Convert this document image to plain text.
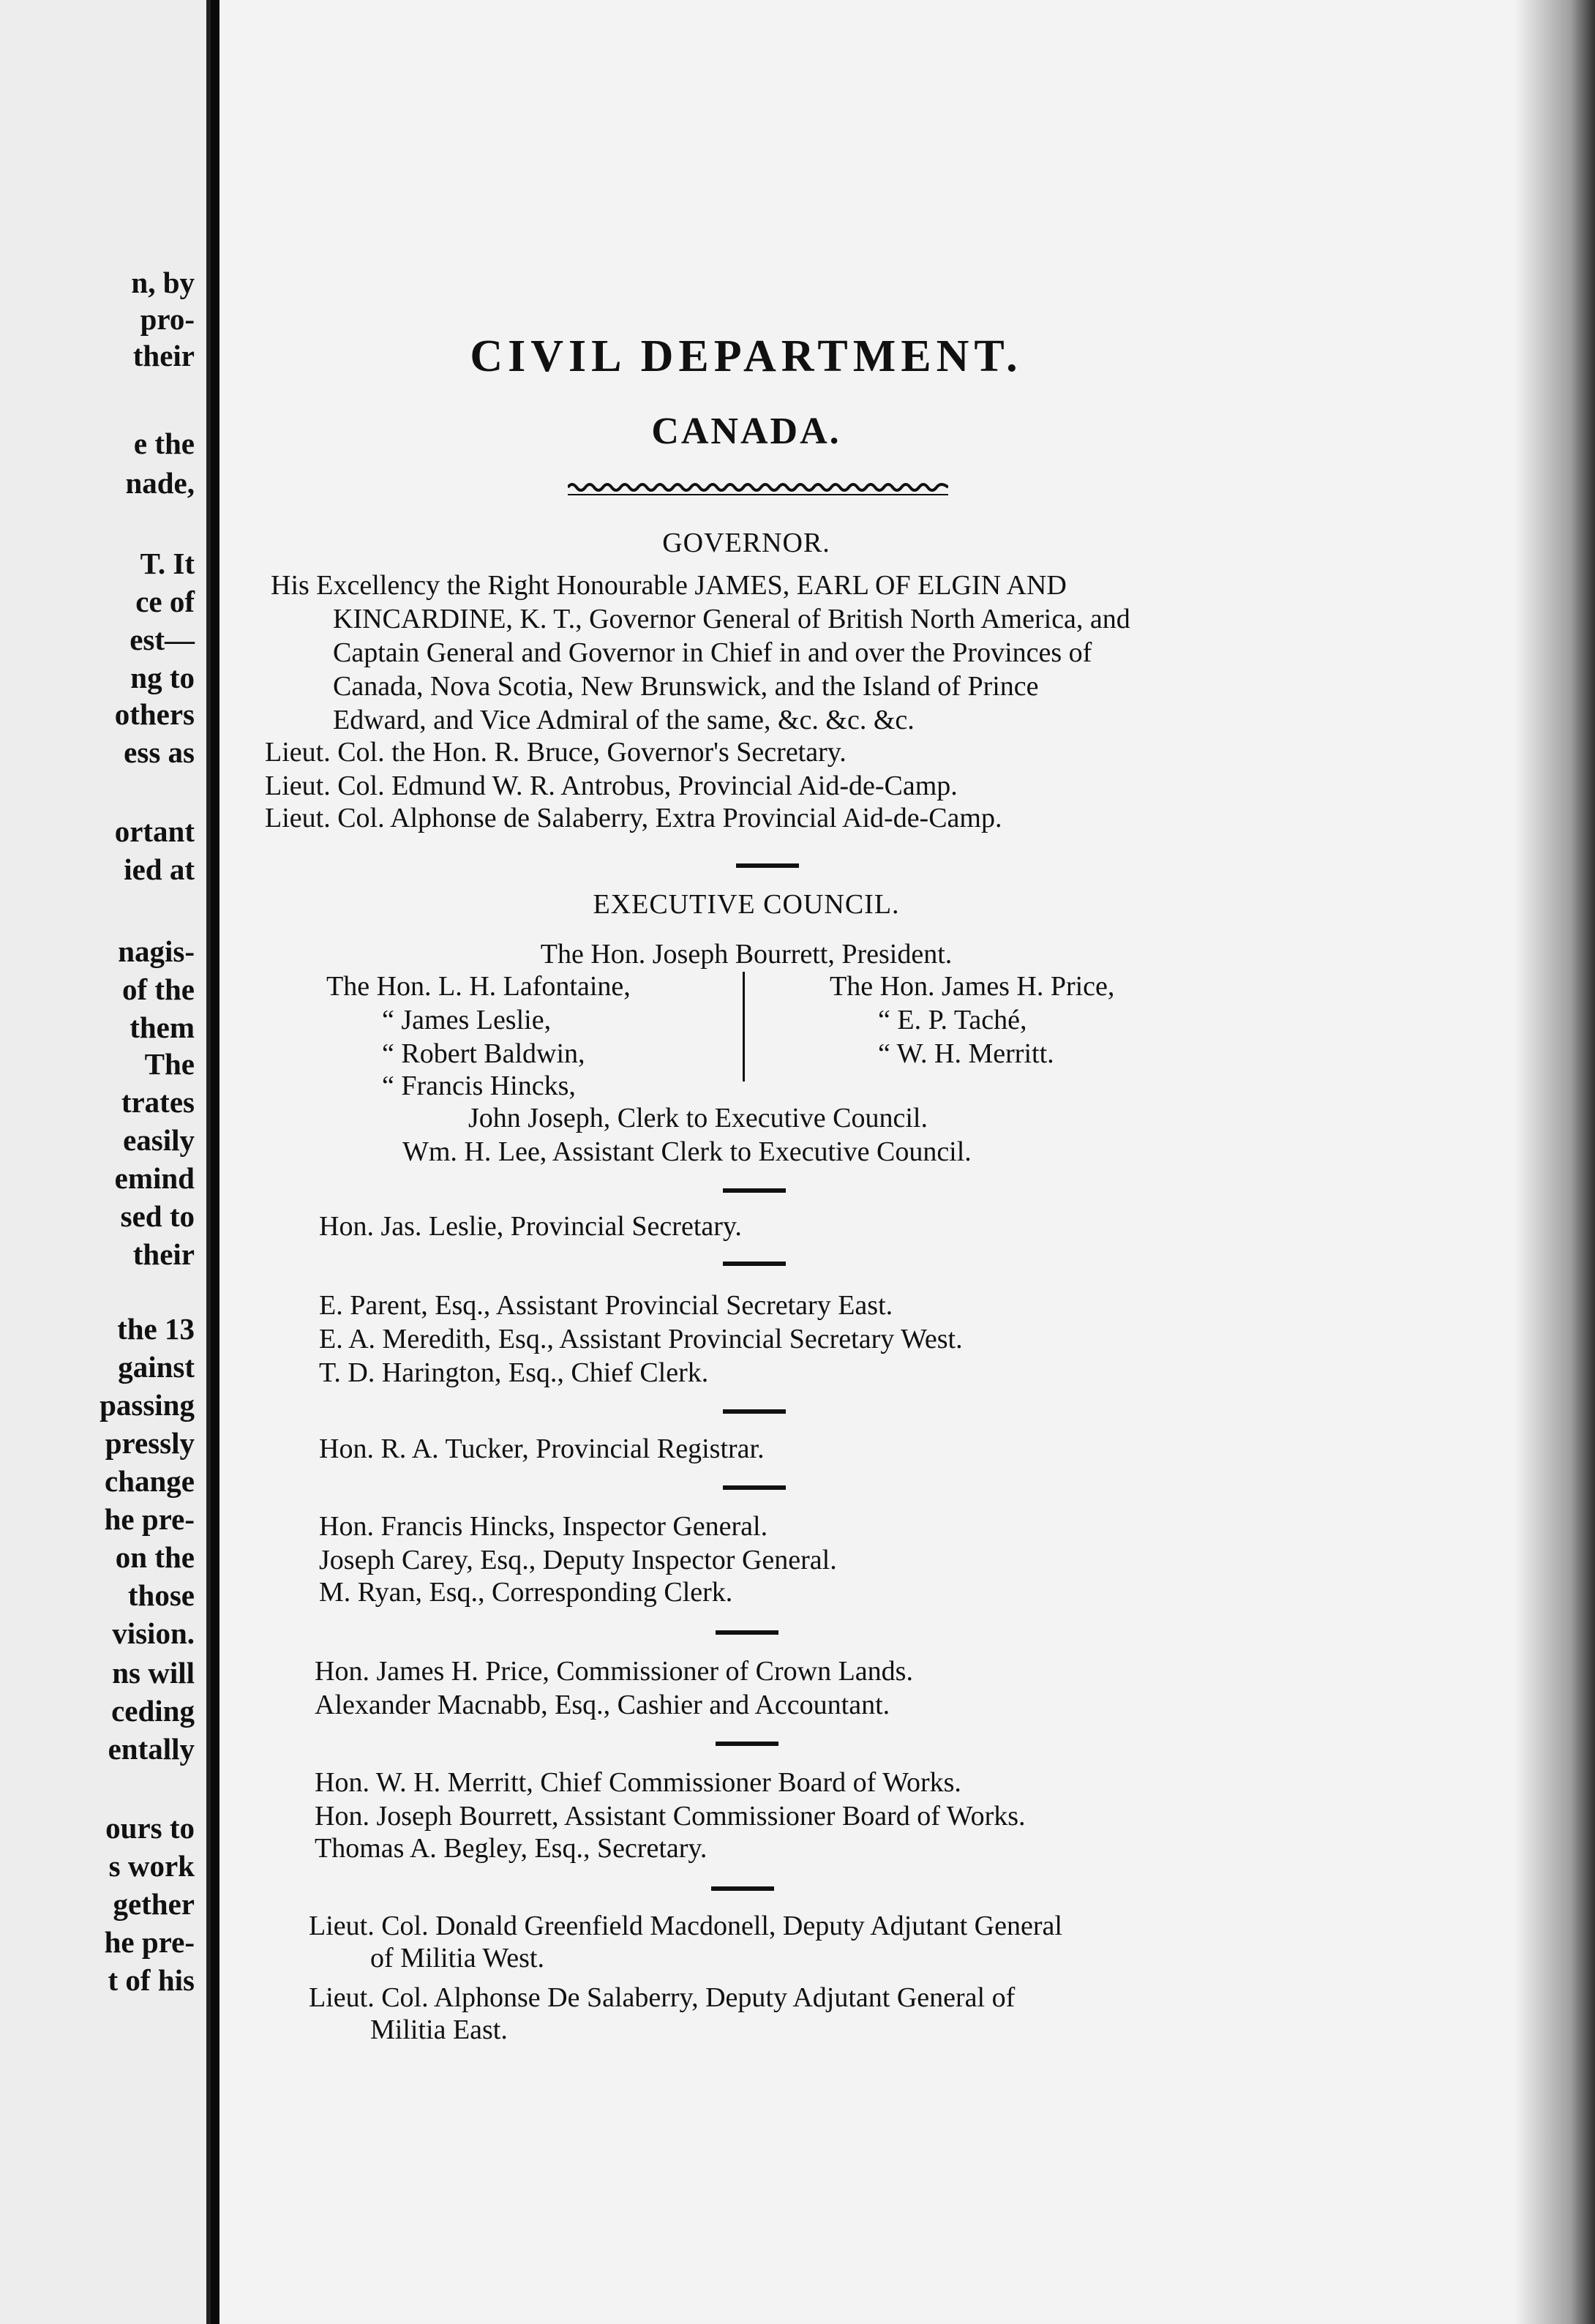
n, by
pro-
their
e the
nade,
T. It
ce of
est—
ng to
others
ess as
ortant
ied at
nagis-
of the
them
The
trates
easily
emind
sed to
their
the 13
gainst
passing
pressly
change
he pre-
on the
those
vision.
ns will
ceding
entally
ours to
s work
gether
he pre-
t of his
CIVIL DEPARTMENT.
CANADA.
GOVERNOR.
His Excellency the Right Honourable JAMES, EARL OF ELGIN AND
KINCARDINE, K. T., Governor General of British North America, and
Captain General and Governor in Chief in and over the Provinces of
Canada, Nova Scotia, New Brunswick, and the Island of Prince
Edward, and Vice Admiral of the same, &c. &c. &c.
Lieut. Col. the Hon. R. Bruce, Governor's Secretary.
Lieut. Col. Edmund W. R. Antrobus, Provincial Aid-de-Camp.
Lieut. Col. Alphonse de Salaberry, Extra Provincial Aid-de-Camp.
EXECUTIVE COUNCIL.
The Hon. Joseph Bourrett, President.
The Hon. L. H. Lafontaine,
“ James Leslie,
“ Robert Baldwin,
“ Francis Hincks,
The Hon. James H. Price,
“ E. P. Taché,
“ W. H. Merritt.
John Joseph, Clerk to Executive Council.
Wm. H. Lee, Assistant Clerk to Executive Council.
Hon. Jas. Leslie, Provincial Secretary.
E. Parent, Esq., Assistant Provincial Secretary East.
E. A. Meredith, Esq., Assistant Provincial Secretary West.
T. D. Harington, Esq., Chief Clerk.
Hon. R. A. Tucker, Provincial Registrar.
Hon. Francis Hincks, Inspector General.
Joseph Carey, Esq., Deputy Inspector General.
M. Ryan, Esq., Corresponding Clerk.
Hon. James H. Price, Commissioner of Crown Lands.
Alexander Macnabb, Esq., Cashier and Accountant.
Hon. W. H. Merritt, Chief Commissioner Board of Works.
Hon. Joseph Bourrett, Assistant Commissioner Board of Works.
Thomas A. Begley, Esq., Secretary.
Lieut. Col. Donald Greenfield Macdonell, Deputy Adjutant General
of Militia West.
Lieut. Col. Alphonse De Salaberry, Deputy Adjutant General of
Militia East.
